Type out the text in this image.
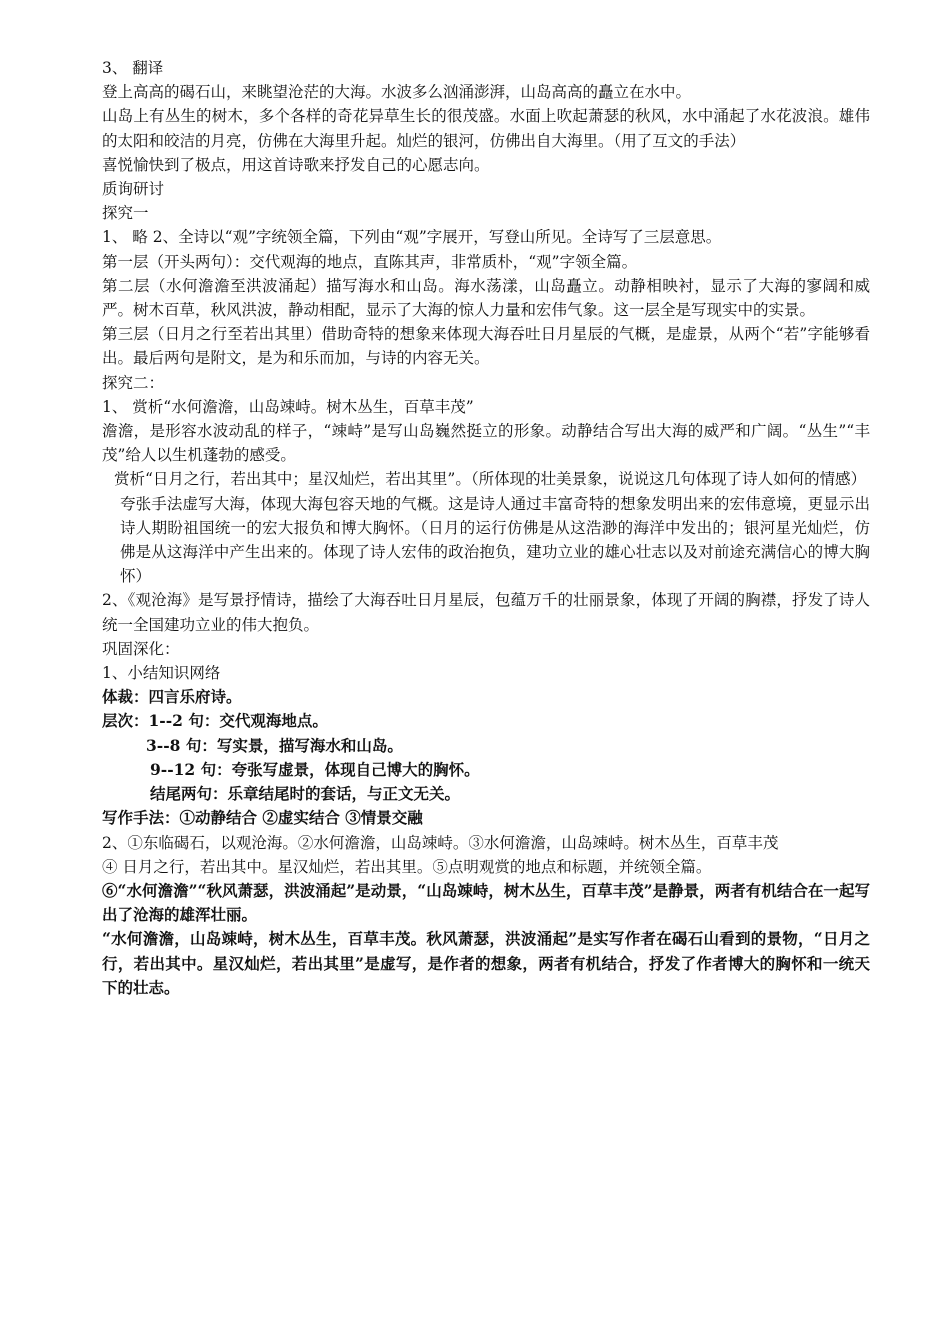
3、 翻译
登上高高的碣石山，来眺望沧茫的大海。水波多么汹涌澎湃，山岛高高的矗立在水中。
山岛上有丛生的树木，多个各样的奇花异草生长的很茂盛。水面上吹起萧瑟的秋风，水中涌起了水花波浪。雄伟的太阳和皎洁的月亮，仿佛在大海里升起。灿烂的银河，仿佛出自大海里。（用了互文的手法）
喜悦愉快到了极点，用这首诗歌来抒发自己的心愿志向。
质询研讨
探究一
1、 略 2、全诗以“观”字统领全篇，下列由“观”字展开，写登山所见。全诗写了三层意思。
第一层（开头两句）：交代观海的地点，直陈其声，非常质朴，“观”字领全篇。
第二层（水何澹澹至洪波涌起）描写海水和山岛。海水荡漾，山岛矗立。动静相映衬，显示了大海的寥阔和威严。树木百草，秋风洪波，静动相配，显示了大海的惊人力量和宏伟气象。这一层全是写现实中的实景。
第三层（日月之行至若出其里）借助奇特的想象来体现大海吞吐日月星辰的气概，是虚景，从两个“若”字能够看出。最后两句是附文，是为和乐而加，与诗的内容无关。
探究二：
1、 赏析“水何澹澹，山岛竦峙。树木丛生，百草丰茂”
澹澹，是形容水波动乱的样子，“竦峙”是写山岛巍然挺立的形象。动静结合写出大海的威严和广阔。“丛生”“丰茂”给人以生机蓬勃的感受。
赏析“日月之行，若出其中；星汉灿烂，若出其里”。（所体现的壮美景象，说说这几句体现了诗人如何的情感）
夸张手法虚写大海，体现大海包容天地的气概。这是诗人通过丰富奇特的想象发明出来的宏伟意境，更显示出诗人期盼祖国统一的宏大报负和博大胸怀。（日月的运行仿佛是从这浩渺的海洋中发出的；银河星光灿烂，仿佛是从这海洋中产生出来的。体现了诗人宏伟的政治抱负，建功立业的雄心壮志以及对前途充满信心的博大胸怀）
2、《观沧海》是写景抒情诗，描绘了大海吞吐日月星辰，包蕴万千的壮丽景象，体现了开阔的胸襟，抒发了诗人统一全国建功立业的伟大抱负。
巩固深化：
1、小结知识网络
体裁：四言乐府诗。
层次：1--2 句：交代观海地点。
3--8 句：写实景，描写海水和山岛。
9--12 句：夸张写虚景，体现自己博大的胸怀。
结尾两句：乐章结尾时的套话，与正文无关。
写作手法：①动静结合 ②虚实结合 ③情景交融
2、①东临碣石，以观沧海。②水何澹澹，山岛竦峙。③水何澹澹，山岛竦峙。树木丛生，百草丰茂
④ 日月之行，若出其中。星汉灿烂，若出其里。⑤点明观赏的地点和标题，并统领全篇。
⑥“水何澹澹”“秋风萧瑟，洪波涌起”是动景，“山岛竦峙，树木丛生，百草丰茂”是静景，两者有机结合在一起写出了沧海的雄浑壮丽。
“水何澹澹，山岛竦峙，树木丛生，百草丰茂。秋风萧瑟，洪波涌起”是实写作者在碣石山看到的景物，“日月之行，若出其中。星汉灿烂，若出其里”是虚写，是作者的想象，两者有机结合，抒发了作者博大的胸怀和一统天下的壮志。
